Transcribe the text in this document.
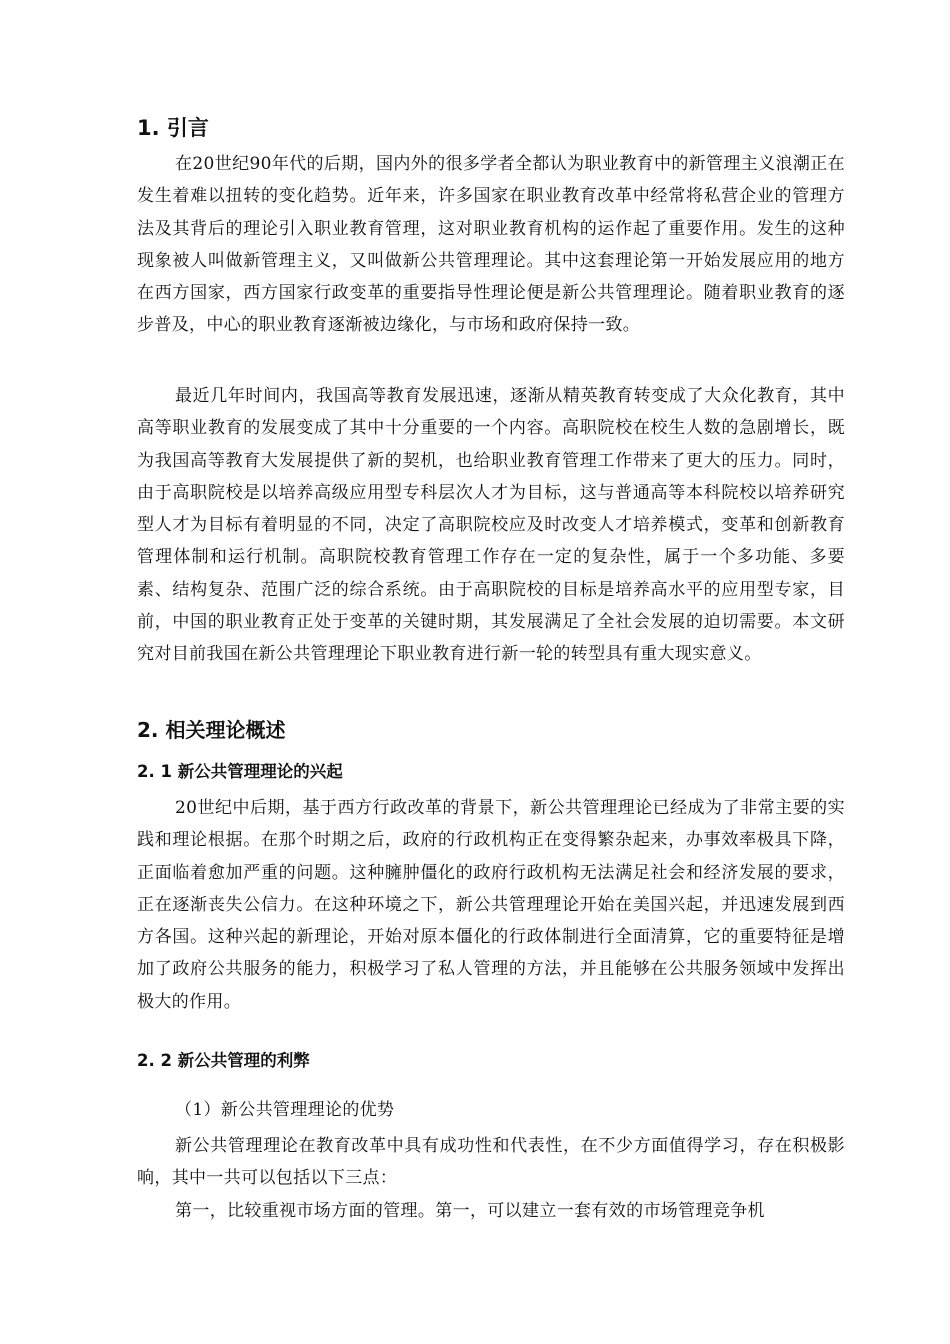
1. 引言

在20世纪90年代的后期，国内外的很多学者全都认为职业教育中的新管理主义浪潮正在发生着难以扭转的变化趋势。近年来，许多国家在职业教育改革中经常将私营企业的管理方法及其背后的理论引入职业教育管理，这对职业教育机构的运作起了重要作用。发生的这种现象被人叫做新管理主义，又叫做新公共管理理论。其中这套理论第一开始发展应用的地方在西方国家，西方国家行政变革的重要指导性理论便是新公共管理理论。随着职业教育的逐步普及，中心的职业教育逐渐被边缘化，与市场和政府保持一致。

最近几年时间内，我国高等教育发展迅速，逐渐从精英教育转变成了大众化教育，其中高等职业教育的发展变成了其中十分重要的一个内容。高职院校在校生人数的急剧增长，既为我国高等教育大发展提供了新的契机，也给职业教育管理工作带来了更大的压力。同时，由于高职院校是以培养高级应用型专科层次人才为目标，这与普通高等本科院校以培养研究型人才为目标有着明显的不同，决定了高职院校应及时改变人才培养模式，变革和创新教育管理体制和运行机制。高职院校教育管理工作存在一定的复杂性，属于一个多功能、多要素、结构复杂、范围广泛的综合系统。由于高职院校的目标是培养高水平的应用型专家，目前，中国的职业教育正处于变革的关键时期，其发展满足了全社会发展的迫切需要。本文研究对目前我国在新公共管理理论下职业教育进行新一轮的转型具有重大现实意义。

2. 相关理论概述
2. 1 新公共管理理论的兴起

20世纪中后期，基于西方行政改革的背景下，新公共管理理论已经成为了非常主要的实践和理论根据。在那个时期之后，政府的行政机构正在变得繁杂起来，办事效率极具下降，正面临着愈加严重的问题。这种臃肿僵化的政府行政机构无法满足社会和经济发展的要求，正在逐渐丧失公信力。在这种环境之下，新公共管理理论开始在美国兴起，并迅速发展到西方各国。这种兴起的新理论，开始对原本僵化的行政体制进行全面清算，它的重要特征是增加了政府公共服务的能力，积极学习了私人管理的方法，并且能够在公共服务领域中发挥出极大的作用。

2. 2 新公共管理的利弊

（1）新公共管理理论的优势

新公共管理理论在教育改革中具有成功性和代表性，在不少方面值得学习，存在积极影响，其中一共可以包括以下三点：

第一，比较重视市场方面的管理。第一，可以建立一套有效的市场管理竞争机
